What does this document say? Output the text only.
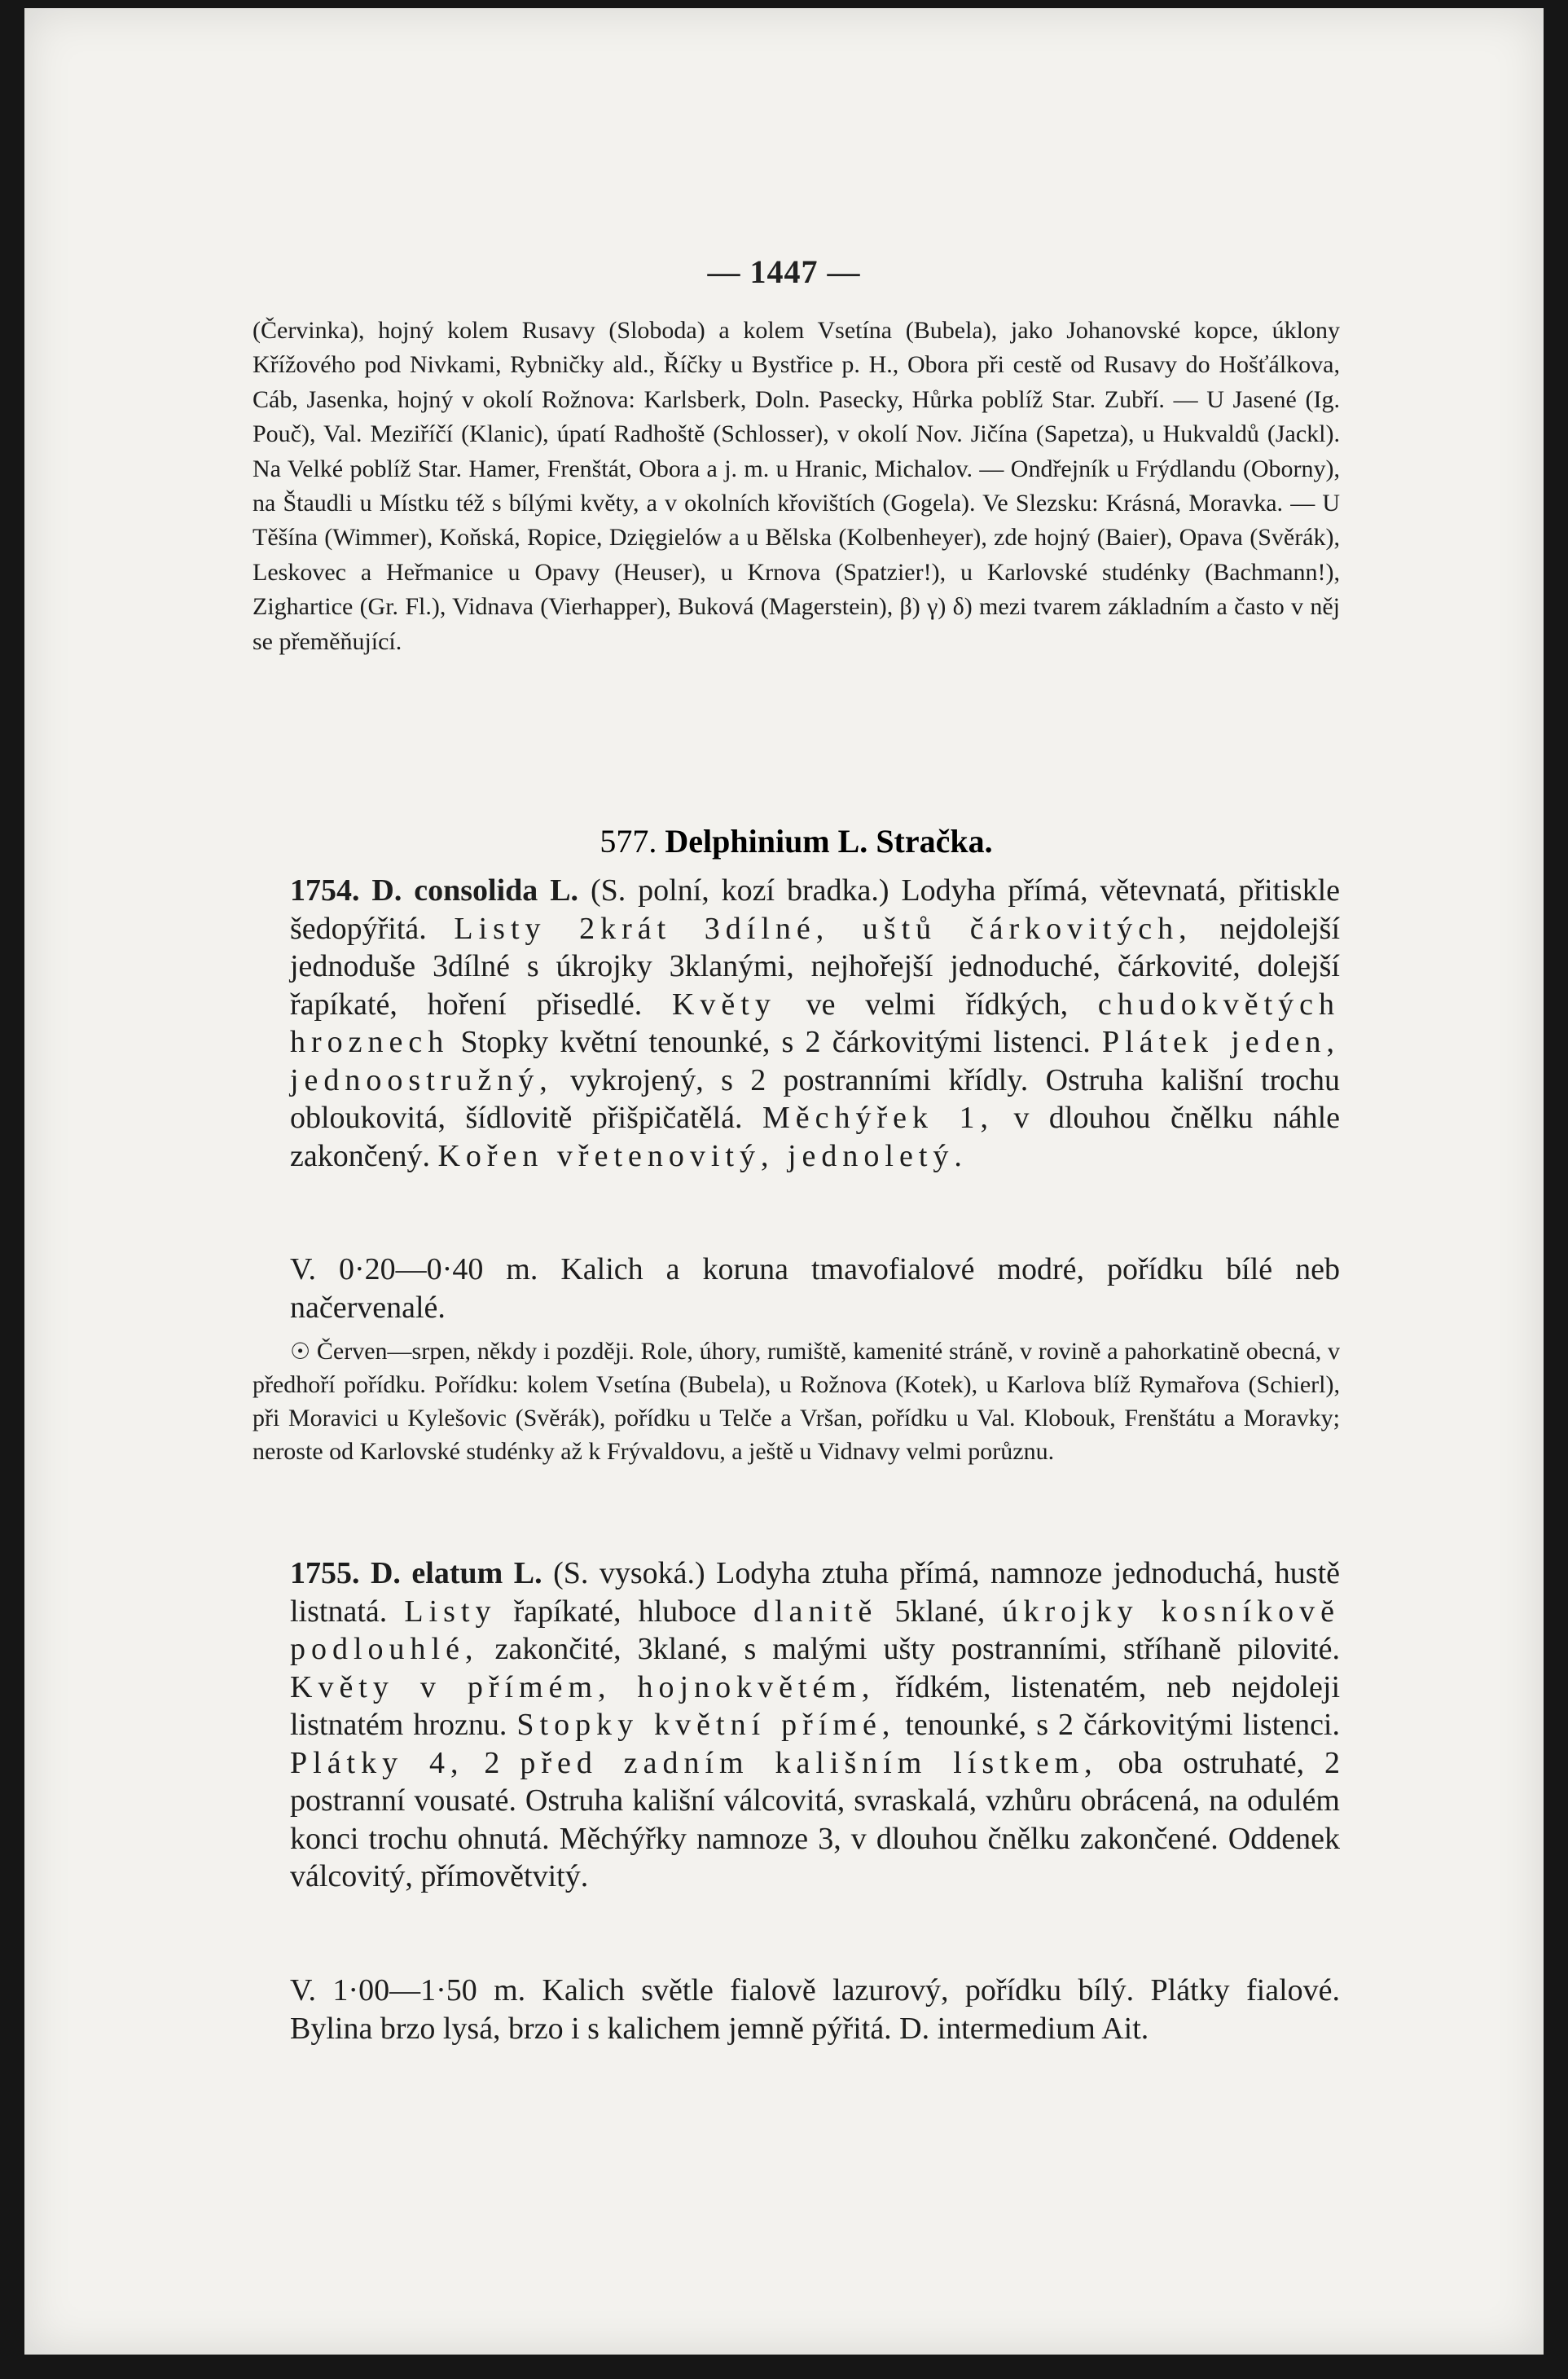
— 1447 —

(Červinka), hojný kolem Rusavy (Sloboda) a kolem Vsetína (Bubela), jako Johanovské kopce, úklony Křížového pod Nivkami, Rybničky ald., Říčky u Bystřice p. H., Obora při cestě od Rusavy do Hošťálkova, Cáb, Jasenka, hojný v okolí Rožnova: Karlsberk, Doln. Pasecky, Hůrka poblíž Star. Zubří. — U Jasené (Ig. Pouč), Val. Meziříčí (Klanic), úpatí Radhoště (Schlosser), v okolí Nov. Jičína (Sapetza), u Hukvaldů (Jackl). Na Velké poblíž Star. Hamer, Frenštát, Obora a j. m. u Hranic, Michalov. — Ondřejník u Frýdlandu (Oborny), na Štaudli u Místku též s bílými květy, a v okolních křovištích (Gogela). Ve Slezsku: Krásná, Moravka. — U Těšína (Wimmer), Koňská, Ropice, Dzięgielów a u Bělska (Kolbenheyer), zde hojný (Baier), Opava (Svěrák), Leskovec a Heřmanice u Opavy (Heuser), u Krnova (Spatzier!), u Karlovské studénky (Bachmann!), Zighartice (Gr. Fl.), Vidnava (Vierhapper), Buková (Magerstein), β) γ) δ) mezi tvarem základním a často v něj se přeměňující.

577. Delphinium L. Stračka.

1754. D. consolida L. (S. polní, kozí bradka.) Lodyha přímá, větevnatá, přitiskle šedopýřitá. Listy 2krát 3dílné, uštů čárkovitých, nejdolejší jednoduše 3dílné s úkrojky 3klanými, nejhořejší jednoduché, čárkovité, dolejší řapíkaté, hoření přisedlé. Květy ve velmi řídkých, chudokvětých hroznech Stopky květní tenounké, s 2 čárkovitými listenci. Plátek jeden, jednoostružný, vykrojený, s 2 postranními křídly. Ostruha kališní trochu obloukovitá, šídlovitě přišpičatělá. Měchýřek 1, v dlouhou čnělku náhle zakončený. Kořen vřetenovitý, jednoletý.

V. 0·20—0·40 m. Kalich a koruna tmavofialové modré, pořídku bílé neb načervenalé.

☉ Červen—srpen, někdy i později. Role, úhory, rumiště, kamenité stráně, v rovině a pahorkatině obecná, v předhoří pořídku. Pořídku: kolem Vsetína (Bubela), u Rožnova (Kotek), u Karlova blíž Rymařova (Schierl), při Moravici u Kylešovic (Svěrák), pořídku u Telče a Vršan, pořídku u Val. Klobouk, Frenštátu a Moravky; neroste od Karlovské studénky až k Frývaldovu, a ještě u Vidnavy velmi porůznu.

1755. D. elatum L. (S. vysoká.) Lodyha ztuha přímá, namnoze jednoduchá, hustě listnatá. Listy řapíkaté, hluboce dlanitě 5klané, úkrojky kosníkovĕ podlouhlé, zakončité, 3klané, s malými ušty postranními, stříhaně pilovité. Květy v přímém, hojnokvětém, řídkém, listenatém, neb nejdoleji listnatém hroznu. Stopky květní přímé, tenounké, s 2 čárkovitými listenci. Plátky 4, 2 před zadním kališním lístkem, oba ostruhaté, 2 postranní vousaté. Ostruha kališní válcovitá, svraskalá, vzhůru obrácená, na odulém konci trochu ohnutá. Měchýřky namnoze 3, v dlouhou čnělku zakončené. Oddenek válcovitý, přímovětvitý.

V. 1·00—1·50 m. Kalich světle fialově lazurový, pořídku bílý. Plátky fialové. Bylina brzo lysá, brzo i s kalichem jemně pýřitá. D. intermedium Ait.
